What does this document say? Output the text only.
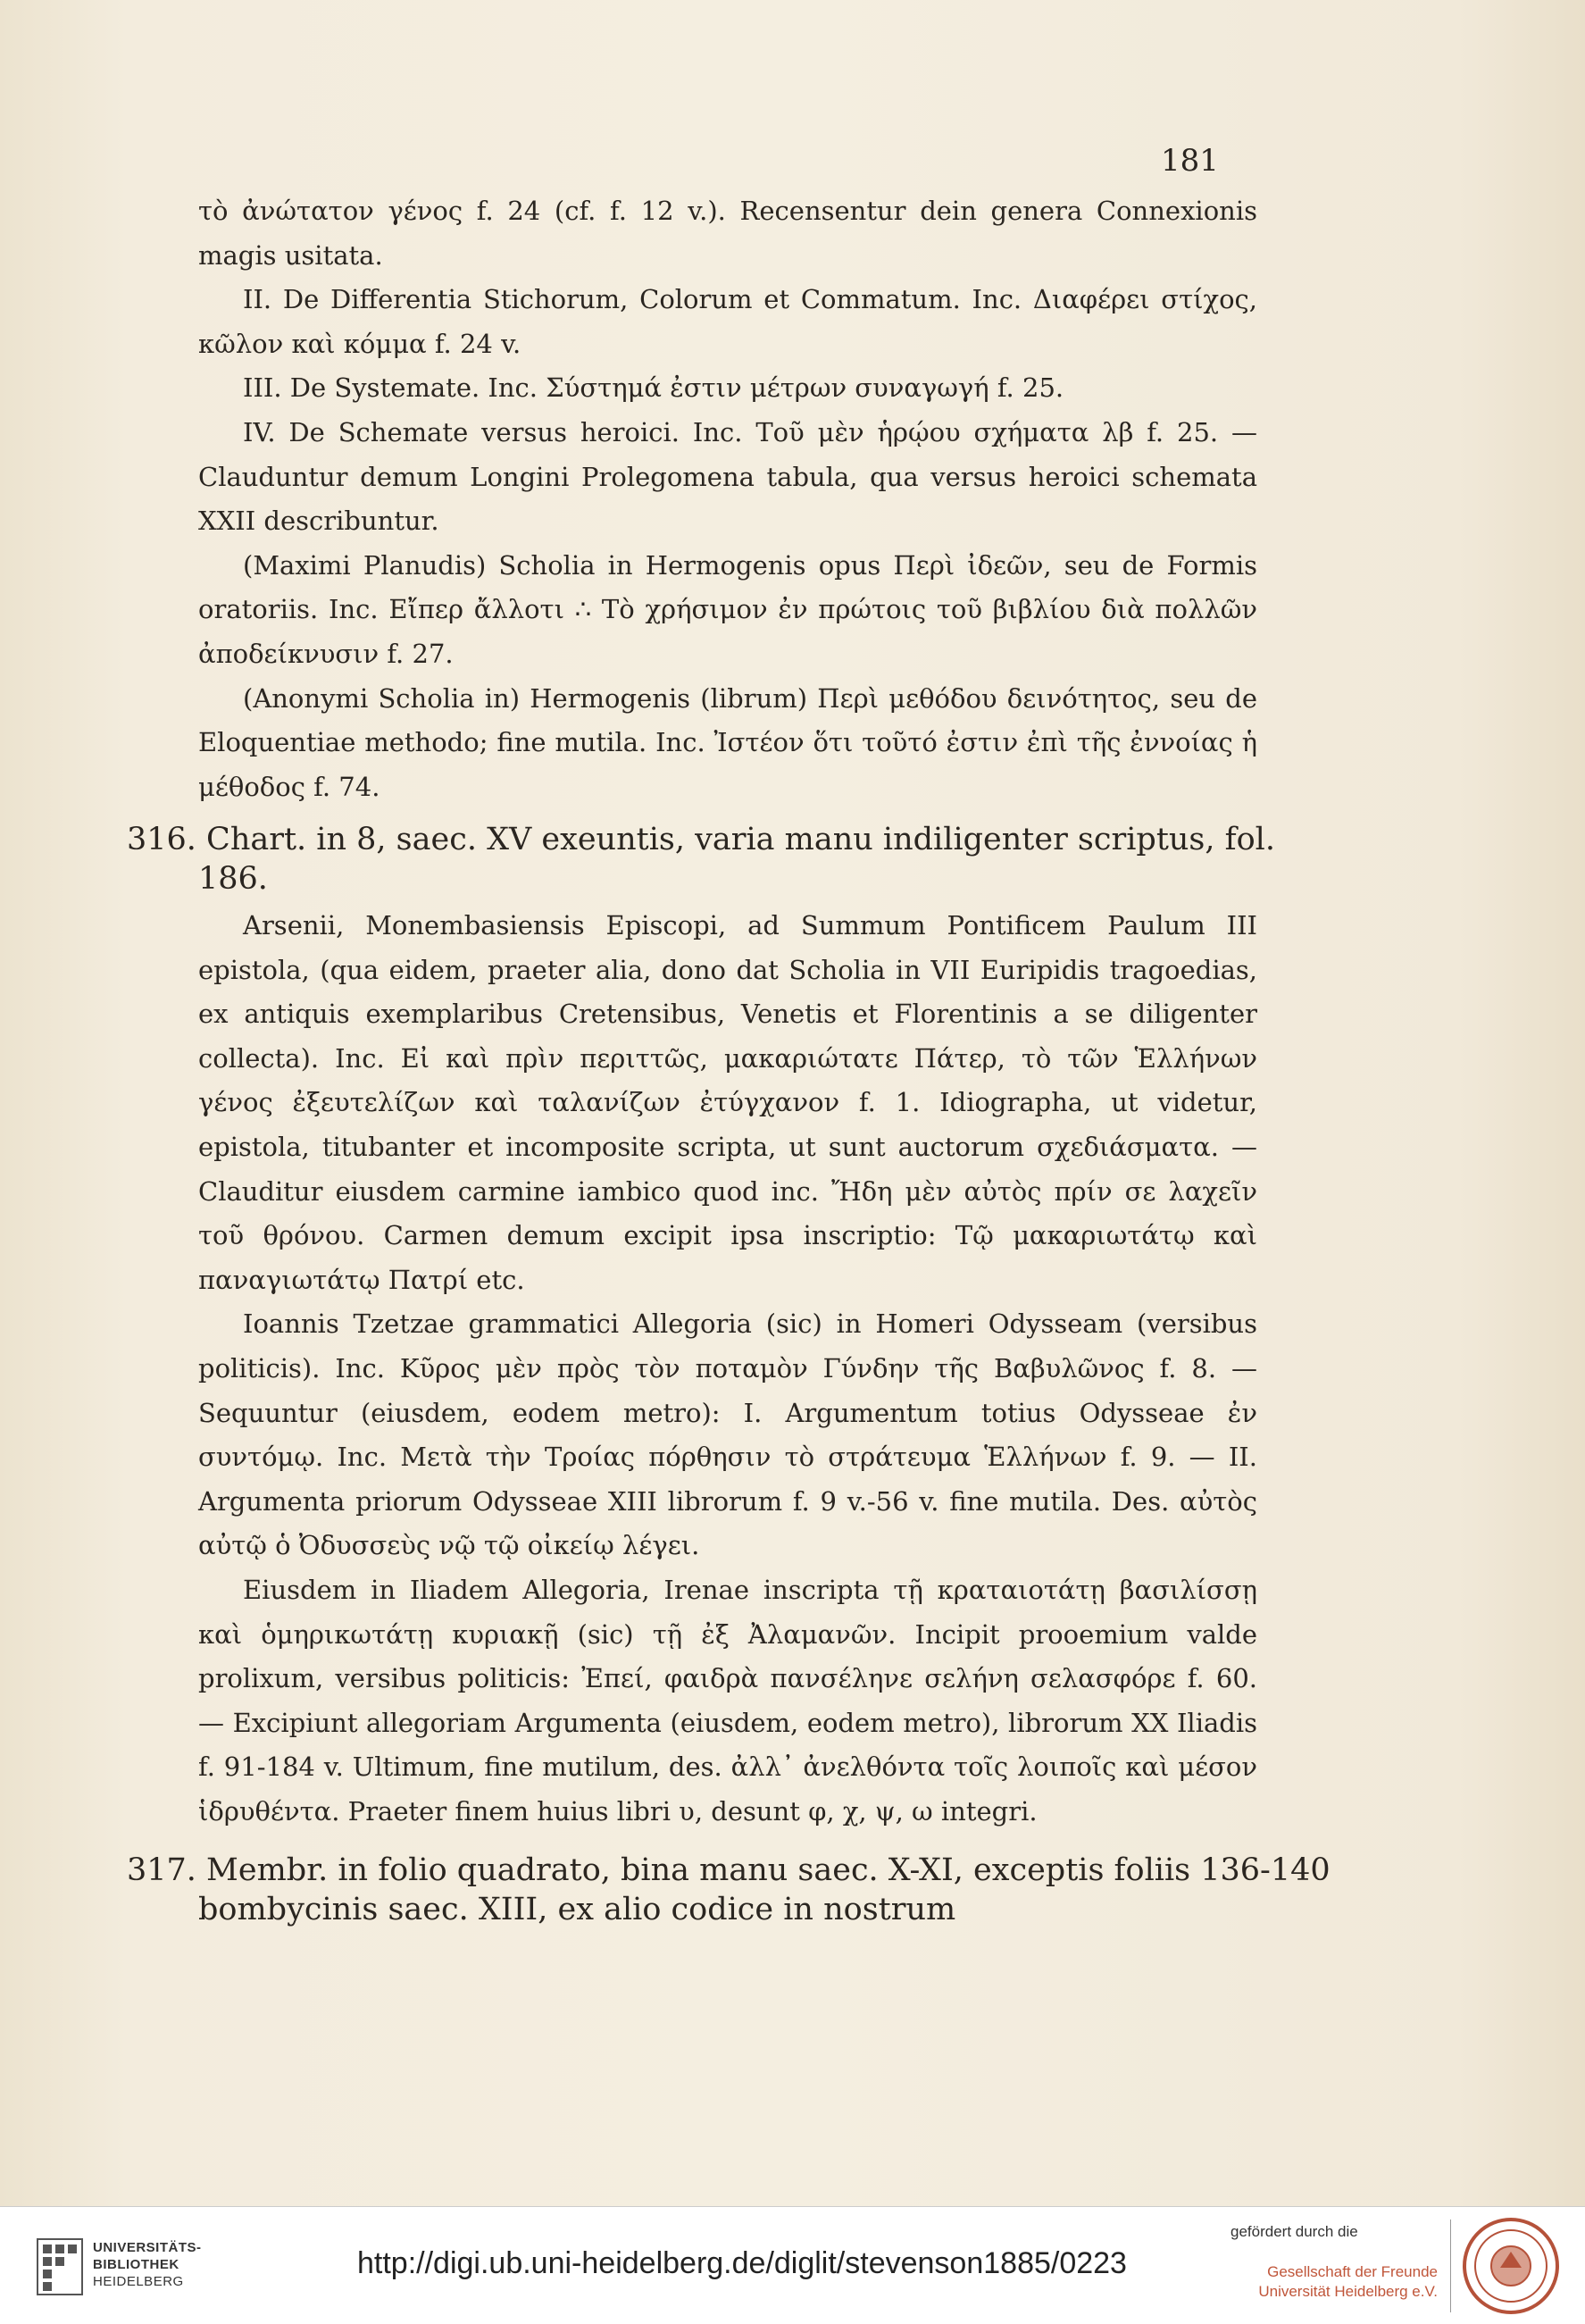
181

τὸ ἀνώτατον γένος f. 24 (cf. f. 12 v.). Recensentur dein genera Connexionis magis usitata.

II. De Differentia Stichorum, Colorum et Commatum. Inc. Διαφέρει στίχος, κῶλον καὶ κόμμα f. 24 v.

III. De Systemate. Inc. Σύστημά ἐστιν μέτρων συναγωγή f. 25.

IV. De Schemate versus heroici. Inc. Τοῦ μὲν ἡρῴου σχήματα λβ f. 25. — Clauduntur demum Longini Prolegomena tabula, qua versus heroici schemata XXII describuntur.

(Maximi Planudis) Scholia in Hermogenis opus Περὶ ἰδεῶν, seu de Formis oratoriis. Inc. Εἴπερ ἄλλοτι ∴ Τὸ χρήσιμον ἐν πρώτοις τοῦ βιβλίου διὰ πολλῶν ἀποδείκνυσιν f. 27.

(Anonymi Scholia in) Hermogenis (librum) Περὶ μεθόδου δεινότητος, seu de Eloquentiae methodo; fine mutila. Inc. Ἰστέον ὅτι τοῦτό ἐστιν ἐπὶ τῆς ἐννοίας ἡ μέθοδος f. 74.

316. Chart. in 8, saec. XV exeuntis, varia manu indiligenter scriptus, fol. 186.

Arsenii, Monembasiensis Episcopi, ad Summum Pontificem Paulum III epistola, (qua eidem, praeter alia, dono dat Scholia in VII Euripidis tragoedias, ex antiquis exemplaribus Cretensibus, Venetis et Florentinis a se diligenter collecta). Inc. Εἰ καὶ πρὶν περιττῶς, μακαριώτατε Πάτερ, τὸ τῶν Ἑλλήνων γένος ἐξευτελίζων καὶ ταλανίζων ἐτύγχανον f. 1. Idiographa, ut videtur, epistola, titubanter et incomposite scripta, ut sunt auctorum σχεδιάσματα. — Clauditur eiusdem carmine iambico quod inc. Ἤδη μὲν αὐτὸς πρίν σε λαχεῖν τοῦ θρόνου. Carmen demum excipit ipsa inscriptio: Τῷ μακαριωτάτῳ καὶ παναγιωτάτῳ Πατρί etc.

Ioannis Tzetzae grammatici Allegoria (sic) in Homeri Odysseam (versibus politicis). Inc. Κῦρος μὲν πρὸς τὸν ποταμὸν Γύνδην τῆς Βαβυλῶνος f. 8. — Sequuntur (eiusdem, eodem metro): I. Argumentum totius Odysseae ἐν συντόμῳ. Inc. Μετὰ τὴν Τροίας πόρθησιν τὸ στράτευμα Ἑλλήνων f. 9. — II. Argumenta priorum Odysseae XIII librorum f. 9 v.-56 v. fine mutila. Des. αὐτὸς αὐτῷ ὁ Ὀδυσσεὺς νῷ τῷ οἰκείῳ λέγει.

Eiusdem in Iliadem Allegoria, Irenae inscripta τῇ κραταιοτάτῃ βασιλίσσῃ καὶ ὁμηρικωτάτῃ κυριακῇ (sic) τῇ ἐξ Ἀλαμανῶν. Incipit prooemium valde prolixum, versibus politicis: Ἐπεί, φαιδρὰ πανσέληνε σελήνη σελασφόρε f. 60. — Excipiunt allegoriam Argumenta (eiusdem, eodem metro), librorum XX Iliadis f. 91-184 v. Ultimum, fine mutilum, des. ἀλλ᾽ ἀνελθόντα τοῖς λοιποῖς καὶ μέσον ἱδρυθέντα. Praeter finem huius libri υ, desunt φ, χ, ψ, ω integri.

317. Membr. in folio quadrato, bina manu saec. X-XI, exceptis foliis 136-140 bombycinis saec. XIII, ex alio codice in nostrum
UNIVERSITÄTS-
BIBLIOTHEK
HEIDELBERG
http://digi.ub.uni-heidelberg.de/diglit/stevenson1885/0223
gefördert durch die
Gesellschaft der Freunde
Universität Heidelberg e.V.
